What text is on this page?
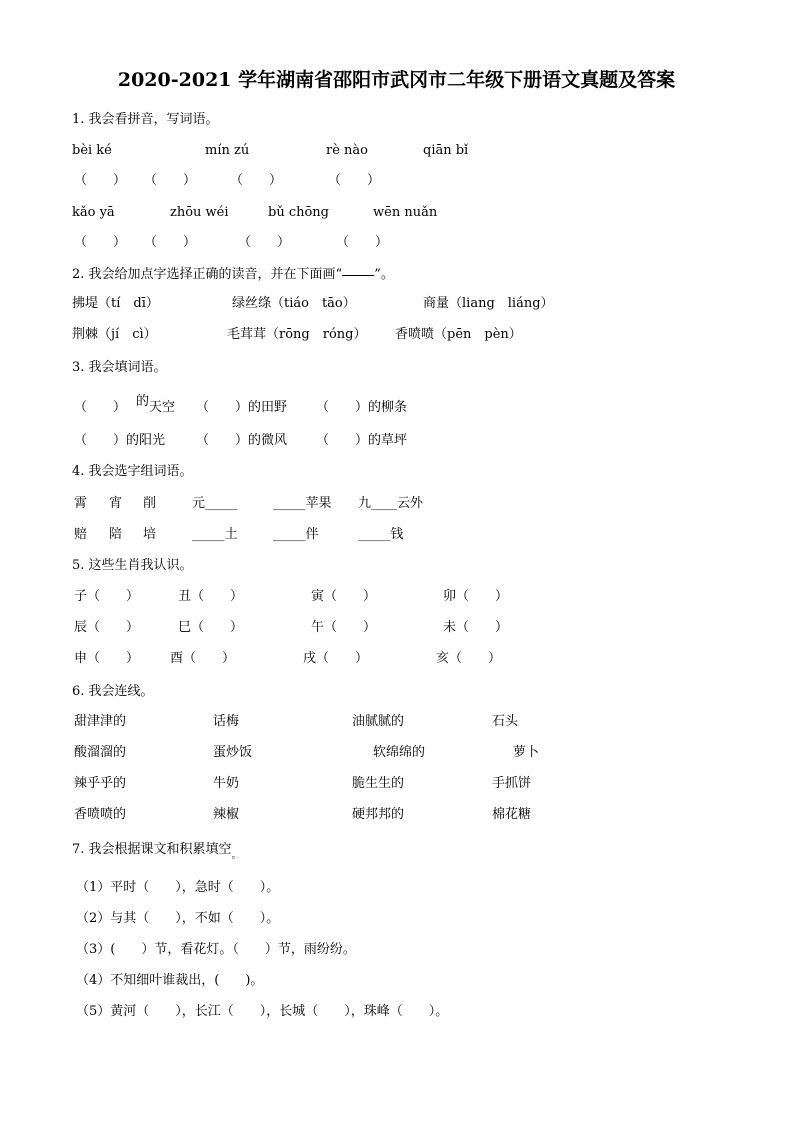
2020-2021 学年湖南省邵阳市武冈市二年级下册语文真题及答案
1. 我会看拼音，写词语。
bèi ké	mín zú	rè nào	qiān bǐ
（　　） （　　）	（　　）	（　　）
kǎo yā	zhōu wéi	bǔ chōng	wēn nuǎn
（　　） （　　）	（　　）	（　　）
2. 我会给加点字选择正确的读音，并在下面画“ ”。
拂堤（tí　dī）	绿丝绦（tiáo　tāo）	商量（liang　liáng）
荆棘（jí　cì）	毛茸茸（rōng　róng） 香喷喷（pēn　pèn）
3. 我会填词语。
（　　） 的 天空 （　　）的田野 （　　）的柳条
（　　）的阳光 （　　）的微风 （　　）的草坪
4. 我会选字组词语。
霄 宵 削	元_____	_____苹果 九____云外
赔 陪 培	_____土	_____伴	_____钱
5. 这些生肖我认识。
子（　　）	丑（　　）	寅（　　）	卯（　　）
辰（　　）	巳（　　）	午（　　）	未（　　）
申（　　） 酉（　　）	戌（　　）	亥（　　）
6. 我会连线。
甜津津的	话梅	油腻腻的	石头
酸溜溜的	蛋炒饭	软绵绵的	萝卜
辣乎乎的	牛奶	脆生生的	手抓饼
香喷喷的	辣椒	硬邦邦的	棉花糖
7. 我会根据课文和积累填空$_。$
（1）平时（　　），急时（　　）。
（2）与其（　　），不如（　　）。
（3）(　　）节，看花灯。（　　）节，雨纷纷。
（4）不知细叶谁裁出，(　　)。
（5）黄河（　　），长江（　　），长城（　　），珠峰（　　）。
